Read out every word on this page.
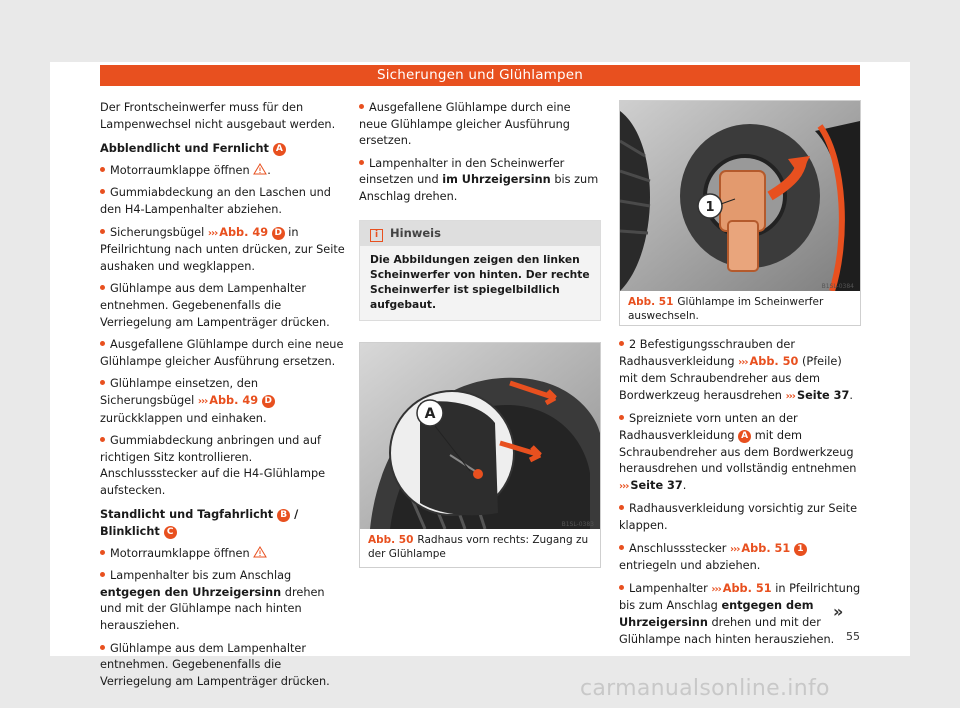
Sicherungen und Glühlampen

Der Frontscheinwerfer muss für den Lampenwechsel nicht ausgebaut werden.

Abblendlicht und Fernlicht A

Motorraumklappe öffnen .

Gummiabdeckung an den Laschen und den H4-Lampenhalter abziehen.

Sicherungsbügel ››› Abb. 49 D in Pfeilrichtung nach unten drücken, zur Seite aushaken und wegklappen.

Glühlampe aus dem Lampenhalter entnehmen. Gegebenenfalls die Verriegelung am Lampenträger drücken.

Ausgefallene Glühlampe durch eine neue Glühlampe gleicher Ausführung ersetzen.

Glühlampe einsetzen, den Sicherungsbügel ››› Abb. 49 D zurückklappen und einhaken.

Gummiabdeckung anbringen und auf richtigen Sitz kontrollieren. Anschlussstecker auf die H4-Glühlampe aufstecken.

Standlicht und Tagfahrlicht B / Blinklicht C

Motorraumklappe öffnen

Lampenhalter bis zum Anschlag entgegen den Uhrzeigersinn drehen und mit der Glühlampe nach hinten herausziehen.

Glühlampe aus dem Lampenhalter entnehmen. Gegebenenfalls die Verriegelung am Lampenträger drücken.

Ausgefallene Glühlampe durch eine neue Glühlampe gleicher Ausführung ersetzen.

Lampenhalter in den Scheinwerfer einsetzen und im Uhrzeigersinn bis zum Anschlag drehen.

i Hinweis
Die Abbildungen zeigen den linken Scheinwerfer von hinten. Der rechte Scheinwerfer ist spiegelbildlich aufgebaut.
A
B1SL-0383
Abb. 50 Radhaus vorn rechts: Zugang zu der Glühlampe
1
B1SL-0384
Abb. 51 Glühlampe im Scheinwerfer auswechseln.

2 Befestigungsschrauben der Radhausverkleidung ››› Abb. 50 (Pfeile) mit dem Schraubendreher aus dem Bordwerkzeug herausdrehen ››› Seite 37.

Spreizniete vorn unten an der Radhausverkleidung A mit dem Schraubendreher aus dem Bordwerkzeug herausdrehen und vollständig entnehmen ››› Seite 37.

Radhausverkleidung vorsichtig zur Seite klappen.

Anschlussstecker ››› Abb. 51 1 entriegeln und abziehen.

Lampenhalter ››› Abb. 51 in Pfeilrichtung bis zum Anschlag entgegen dem Uhrzeigersinn drehen und mit der Glühlampe nach hinten herausziehen.

»
55
carmanualsonline.info
